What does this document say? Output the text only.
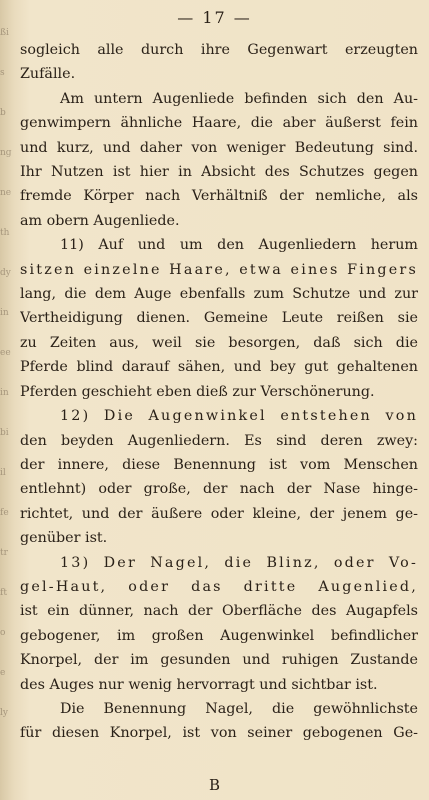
ßi
s
b
ng
ne
th
dy
in
ee
in
bi
il
fe
tr
ft
o
e
ly
— 17 —
sogleich alle durch ihre Gegenwart erzeugten
Zufälle.
Am untern Augenliede befinden sich den Au-
genwimpern ähnliche Haare, die aber äußerst fein
und kurz, und daher von weniger Bedeutung sind.
Ihr Nutzen ist hier in Absicht des Schutzes gegen
fremde Körper nach Verhältniß der nemliche, als
am obern Augenliede.
11) Auf und um den Augenliedern herum
sitzen einzelne Haare, etwa eines Fingers
lang, die dem Auge ebenfalls zum Schutze und zur
Vertheidigung dienen. Gemeine Leute reißen sie
zu Zeiten aus, weil sie besorgen, daß sich die
Pferde blind darauf sähen, und bey gut gehaltenen
Pferden geschieht eben dieß zur Verschönerung.
12) Die Augenwinkel entstehen von
den beyden Augenliedern. Es sind deren zwey:
der innere, diese Benennung ist vom Menschen
entlehnt) oder große, der nach der Nase hinge-
richtet, und der äußere oder kleine, der jenem ge-
genüber ist.
13) Der Nagel, die Blinz, oder Vo-
gel-Haut, oder das dritte Augenlied,
ist ein dünner, nach der Oberfläche des Augapfels
gebogener, im großen Augenwinkel befindlicher
Knorpel, der im gesunden und ruhigen Zustande
des Auges nur wenig hervorragt und sichtbar ist.
Die Benennung Nagel, die gewöhnlichste
für diesen Knorpel, ist von seiner gebogenen Ge-
B
